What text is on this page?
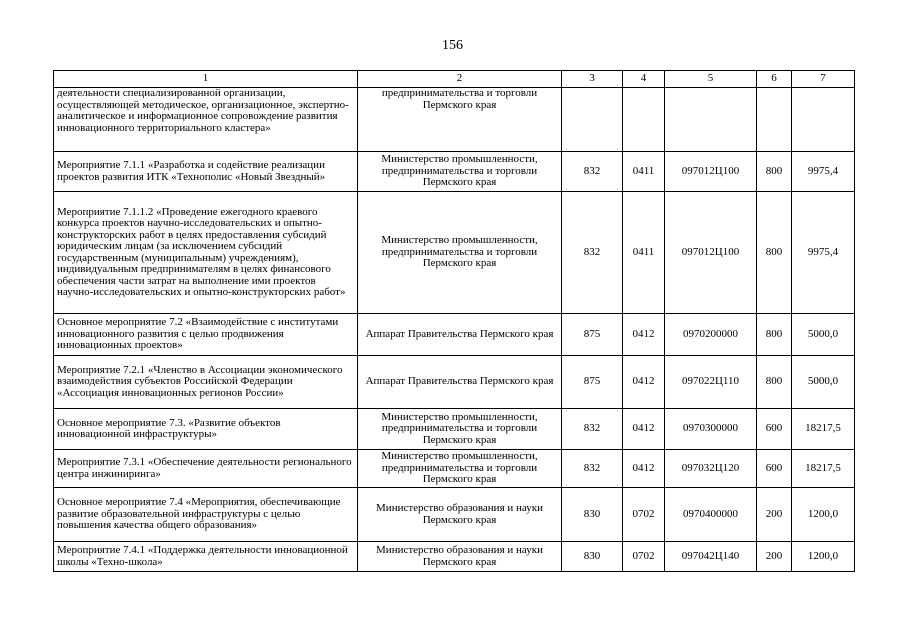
156
1	2	3	4	5	6	7
деятельности специализированной организации, осуществляющей методическое, организационное, экспертно-аналитическое и информационное сопровождение развития инновационного территориального кластера»	предпринимательства и торговли Пермского края					
Мероприятие 7.1.1 «Разработка и содействие реализации проектов развития ИТК «Технополис «Новый Звездный»	Министерство промышленности, предпринимательства и торговли Пермского края	832	0411	097012Ц100	800	9975,4
Мероприятие 7.1.1.2 «Проведение ежегодного краевого конкурса проектов научно-исследовательских и опытно-конструкторских работ в целях предоставления субсидий юридическим лицам (за исключением субсидий государственным (муниципальным) учреждениям), индивидуальным предпринимателям в целях финансового обеспечения части затрат на выполнение ими проектов научно-исследовательских и опытно-конструкторских работ»	Министерство промышленности, предпринимательства и торговли Пермского края	832	0411	097012Ц100	800	9975,4
Основное мероприятие 7.2 «Взаимодействие с институтами инновационного развития с целью продвижения инновационных проектов»	Аппарат Правительства Пермского края	875	0412	0970200000	800	5000,0
Мероприятие 7.2.1 «Членство в Ассоциации экономического взаимодействия субъектов Российской Федерации «Ассоциация инновационных регионов России»	Аппарат Правительства Пермского края	875	0412	097022Ц110	800	5000,0
Основное мероприятие 7.3. «Развитие объектов инновационной инфраструктуры»	Министерство промышленности, предпринимательства и торговли Пермского края	832	0412	0970300000	600	18217,5
Мероприятие 7.3.1 «Обеспечение деятельности регионального центра инжиниринга»	Министерство промышленности, предпринимательства и торговли Пермского края	832	0412	097032Ц120	600	18217,5
Основное мероприятие 7.4 «Мероприятия, обеспечивающие развитие образовательной инфраструктуры с целью повышения качества общего образования»	Министерство образования и науки Пермского края	830	0702	0970400000	200	1200,0
Мероприятие 7.4.1 «Поддержка деятельности инновационной школы «Техно-школа»	Министерство образования и науки Пермского края	830	0702	097042Ц140	200	1200,0
